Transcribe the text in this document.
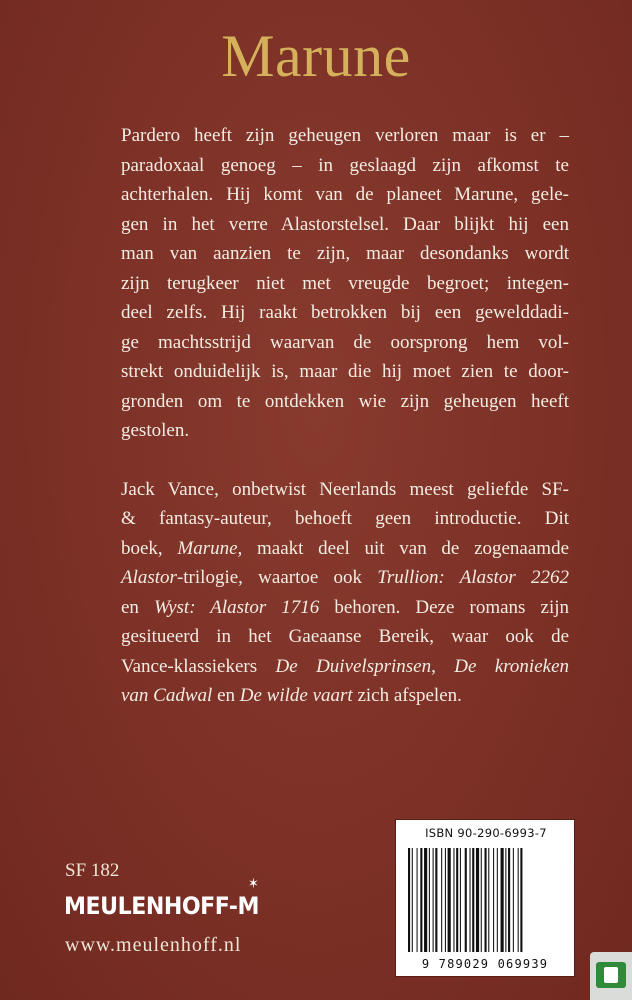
Marune

Pardero heeft zijn geheugen verloren maar is er –
paradoxaal genoeg – in geslaagd zijn afkomst te
achterhalen. Hij komt van de planeet Marune, gele-
gen in het verre Alastorstelsel. Daar blijkt hij een
man van aanzien te zijn, maar desondanks wordt
zijn terugkeer niet met vreugde begroet; integen-
deel zelfs. Hij raakt betrokken bij een gewelddadi-
ge machtsstrijd waarvan de oorsprong hem vol-
strekt onduidelijk is, maar die hij moet zien te door-
gronden om te ontdekken wie zijn geheugen heeft
gestolen.

Jack Vance, onbetwist Neerlands meest geliefde SF-
& fantasy-auteur, behoeft geen introductie. Dit
boek, Marune, maakt deel uit van de zogenaamde
Alastor-trilogie, waartoe ook Trullion: Alastor 2262
en Wyst: Alastor 1716 behoren. Deze romans zijn
gesitueerd in het Gaeaanse Bereik, waar ook de
Vance-klassiekers De Duivelsprinsen, De kronieken
van Cadwal en De wilde vaart zich afspelen.

SF 182
MEULENHOFF-M
✶
www.meulenhoff.nl
ISBN 90-290-6993-7
9 789029 069939
